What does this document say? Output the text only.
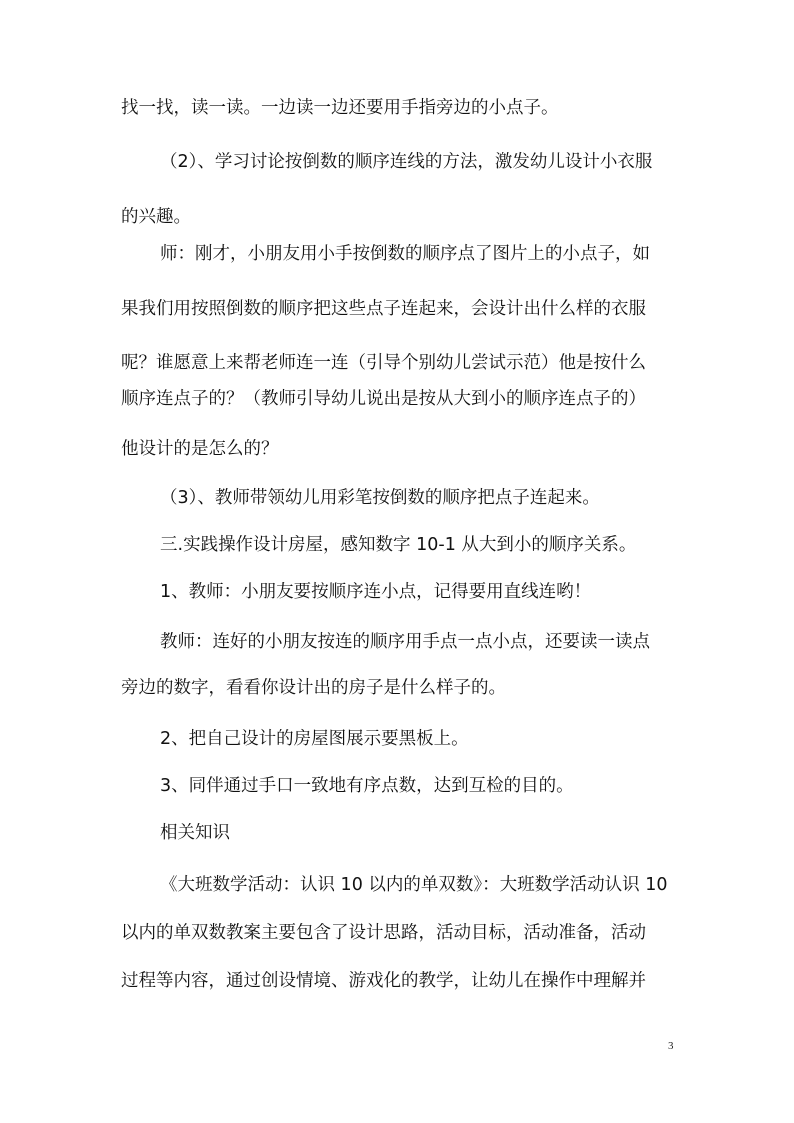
找一找，读一读。一边读一边还要用手指旁边的小点子。
（2）、学习讨论按倒数的顺序连线的方法，激发幼儿设计小衣服
的兴趣。
师：刚才，小朋友用小手按倒数的顺序点了图片上的小点子，如
果我们用按照倒数的顺序把这些点子连起来，会设计出什么样的衣服
呢？谁愿意上来帮老师连一连（引导个别幼儿尝试示范）他是按什么
顺序连点子的？（教师引导幼儿说出是按从大到小的顺序连点子的）
他设计的是怎么的？
（3）、教师带领幼儿用彩笔按倒数的顺序把点子连起来。
三.实践操作设计房屋，感知数字 10-1 从大到小的顺序关系。
1、教师：小朋友要按顺序连小点，记得要用直线连哟！
教师：连好的小朋友按连的顺序用手点一点小点，还要读一读点
旁边的数字，看看你设计出的房子是什么样子的。
2、把自己设计的房屋图展示要黑板上。
3、同伴通过手口一致地有序点数，达到互检的目的。
相关知识
《大班数学活动：认识 10 以内的单双数》：大班数学活动认识 10
以内的单双数教案主要包含了设计思路，活动目标，活动准备，活动
过程等内容，通过创设情境、游戏化的教学，让幼儿在操作中理解并
3
